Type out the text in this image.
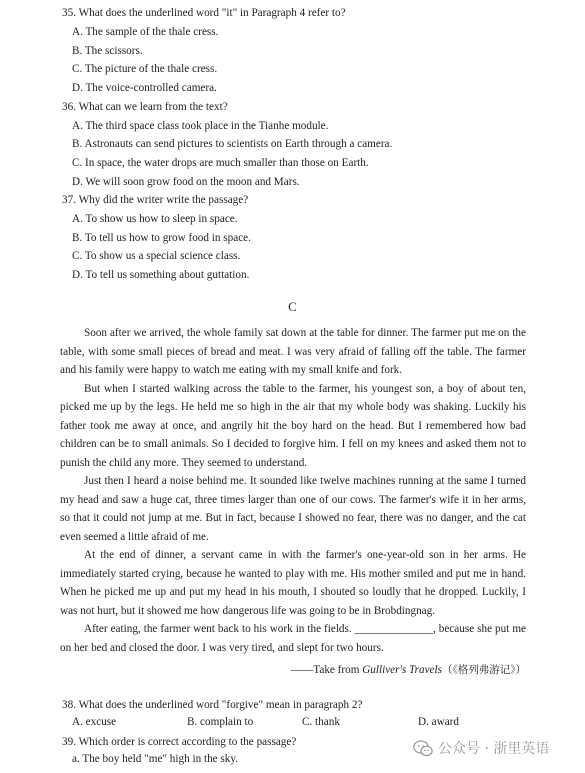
35. What does the underlined word "it" in Paragraph 4 refer to?
A. The sample of the thale cress.
B. The scissors.
C. The picture of the thale cress.
D. The voice-controlled camera.
36. What can we learn from the text?
A. The third space class took place in the Tianhe module.
B. Astronauts can send pictures to scientists on Earth through a camera.
C. In space, the water drops are much smaller than those on Earth.
D. We will soon grow food on the moon and Mars.
37. Why did the writer write the passage?
A. To show us how to sleep in space.
B. To tell us how to grow food in space.
C. To show us a special science class.
D. To tell us something about guttation.
C

Soon after we arrived, the whole family sat down at the table for dinner. The farmer put me on the table, with some small pieces of bread and meat. I was very afraid of falling off the table. The farmer and his family were happy to watch me eating with my small knife and fork.

But when I started walking across the table to the farmer, his youngest son, a boy of about ten, picked me up by the legs. He held me so high in the air that my whole body was shaking. Luckily his father took me away at once, and angrily hit the boy hard on the head. But I remembered how bad children can be to small animals. So I decided to forgive him. I fell on my knees and asked them not to punish the child any more. They seemed to understand.

Just then I heard a noise behind me. It sounded like twelve machines running at the same I turned my head and saw a huge cat, three times larger than one of our cows. The farmer's wife it in her arms, so that it could not jump at me. But in fact, because I showed no fear, there was no danger, and the cat even seemed a little afraid of me.

At the end of dinner, a servant came in with the farmer's one-year-old son in her arms. He immediately started crying, because he wanted to play with me. His mother smiled and put me in hand. When he picked me up and put my head in his mouth, I shouted so loudly that he dropped. Luckily, I was not hurt, but it showed me how dangerous life was going to be in Brobdingnag.

After eating, the farmer went back to his work in the fields. ______________, because she put me on her bed and closed the door. I was very tired, and slept for two hours.

——Take from Gulliver's Travels（《格列弗游记》）
38. What does the underlined word "forgive" mean in paragraph 2?
A. excuse	B. complain to	C. thank	D. award
39. Which order is correct according to the passage?
a. The boy held "me" high in the sky.
公众号 · 浙里英语
